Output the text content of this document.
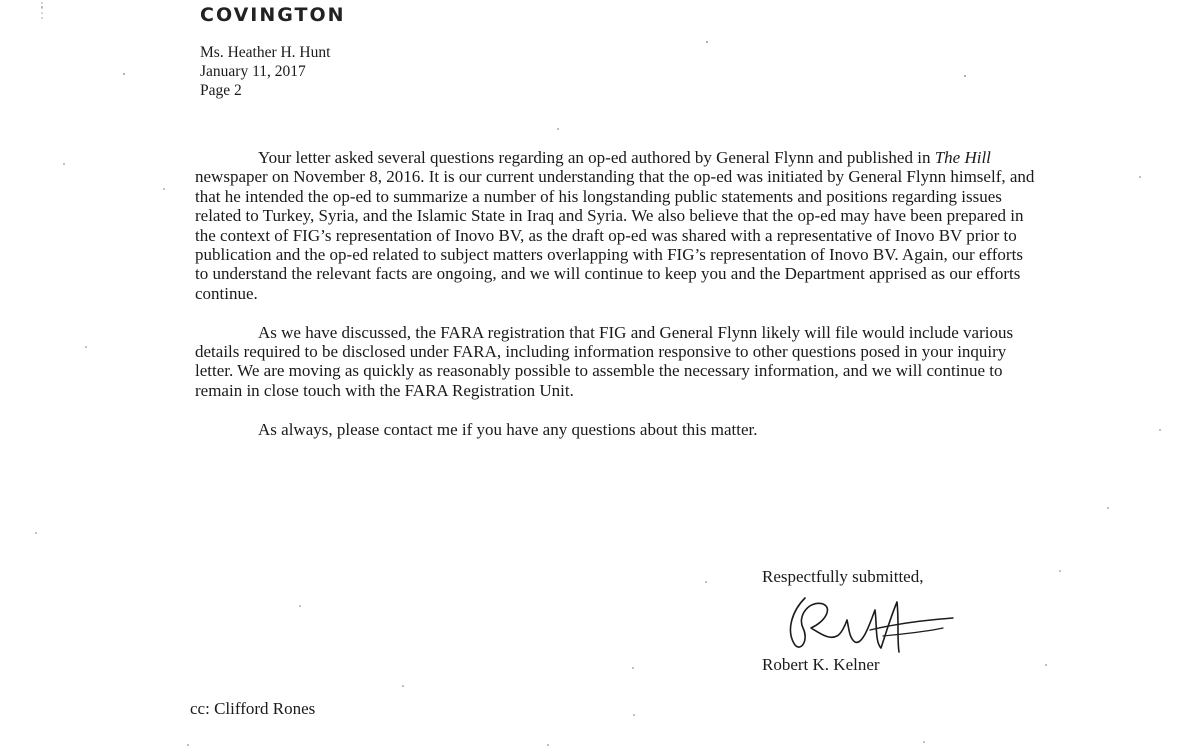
COVINGTON
Ms. Heather H. Hunt
January 11, 2017
Page 2

Your letter asked several questions regarding an op-ed authored by General Flynn and published in The Hill newspaper on November 8, 2016. It is our current understanding that the op-ed was initiated by General Flynn himself, and that he intended the op-ed to summarize a number of his longstanding public statements and positions regarding issues related to Turkey, Syria, and the Islamic State in Iraq and Syria. We also believe that the op-ed may have been prepared in the context of FIG’s representation of Inovo BV, as the draft op-ed was shared with a representative of Inovo BV prior to publication and the op-ed related to subject matters overlapping with FIG’s representation of Inovo BV. Again, our efforts to understand the relevant facts are ongoing, and we will continue to keep you and the Department apprised as our efforts continue.

As we have discussed, the FARA registration that FIG and General Flynn likely will file would include various details required to be disclosed under FARA, including information responsive to other questions posed in your inquiry letter. We are moving as quickly as reasonably possible to assemble the necessary information, and we will continue to remain in close touch with the FARA Registration Unit.

As always, please contact me if you have any questions about this matter.

Respectfully submitted,
Robert K. Kelner
cc: Clifford Rones
